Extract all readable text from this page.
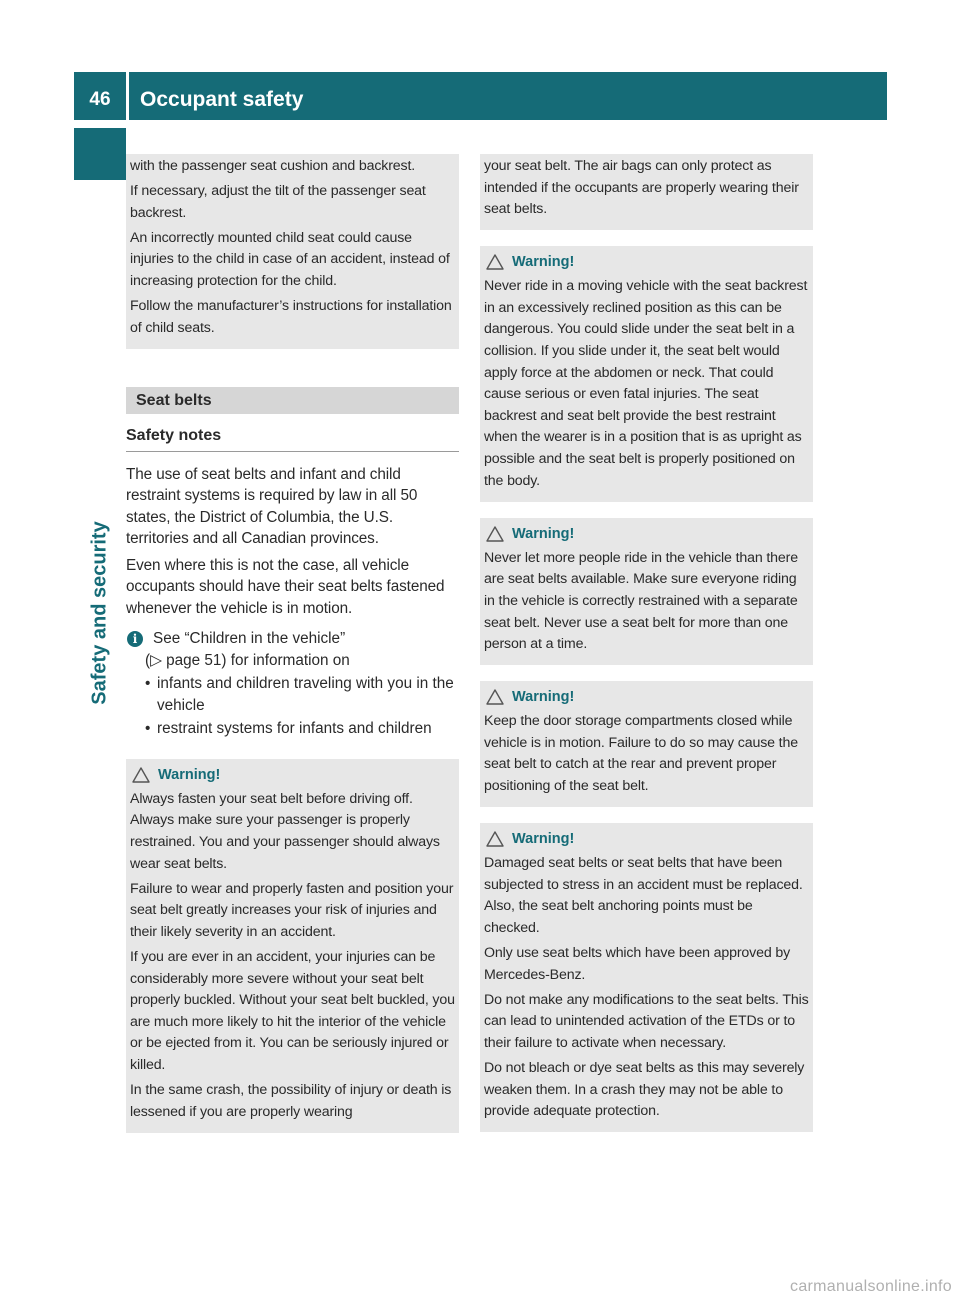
46	Occupant safety
Safety and security

with the passenger seat cushion and backrest.

If necessary, adjust the tilt of the passenger seat backrest.

An incorrectly mounted child seat could cause injuries to the child in case of an accident, instead of increasing protection for the child.

Follow the manufacturer’s instructions for installation of child seats.

Seat belts
Safety notes

The use of seat belts and infant and child restraint systems is required by law in all 50 states, the District of Columbia, the U.S. territories and all Canadian provinces.

Even where this is not the case, all vehicle occupants should have their seat belts fastened whenever the vehicle is in motion.

i	See “Children in the vehicle”
(▷ page 51) for information on
• infants and children traveling with you in the vehicle
• restraint systems for infants and children
Warning!

Always fasten your seat belt before driving off. Always make sure your passenger is properly restrained. You and your passenger should always wear seat belts.

Failure to wear and properly fasten and position your seat belt greatly increases your risk of injuries and their likely severity in an accident.

If you are ever in an accident, your injuries can be considerably more severe without your seat belt properly buckled. Without your seat belt buckled, you are much more likely to hit the interior of the vehicle or be ejected from it. You can be seriously injured or killed.

In the same crash, the possibility of injury or death is lessened if you are properly wearing

your seat belt. The air bags can only protect as intended if the occupants are properly wearing their seat belts.

Warning!

Never ride in a moving vehicle with the seat backrest in an excessively reclined position as this can be dangerous. You could slide under the seat belt in a collision. If you slide under it, the seat belt would apply force at the abdomen or neck. That could cause serious or even fatal injuries. The seat backrest and seat belt provide the best restraint when the wearer is in a position that is as upright as possible and the seat belt is properly positioned on the body.

Warning!

Never let more people ride in the vehicle than there are seat belts available. Make sure everyone riding in the vehicle is correctly restrained with a separate seat belt. Never use a seat belt for more than one person at a time.

Warning!

Keep the door storage compartments closed while vehicle is in motion. Failure to do so may cause the seat belt to catch at the rear and prevent proper positioning of the seat belt.

Warning!

Damaged seat belts or seat belts that have been subjected to stress in an accident must be replaced. Also, the seat belt anchoring points must be checked.

Only use seat belts which have been approved by Mercedes-Benz.

Do not make any modifications to the seat belts. This can lead to unintended activation of the ETDs or to their failure to activate when necessary.

Do not bleach or dye seat belts as this may severely weaken them. In a crash they may not be able to provide adequate protection.

carmanualsonline.info
